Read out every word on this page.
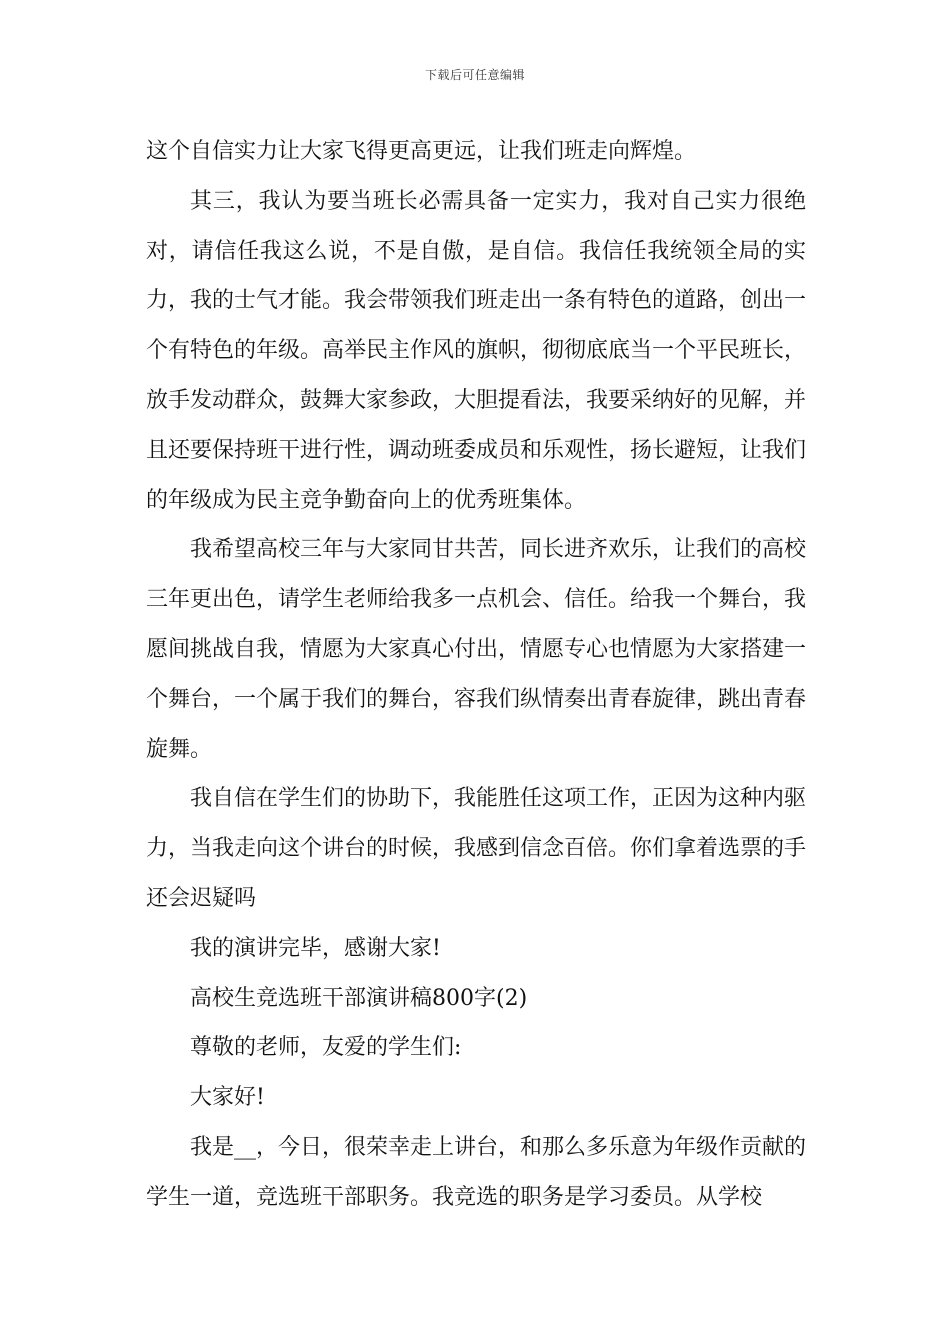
下载后可任意编辑

这个自信实力让大家飞得更高更远，让我们班走向辉煌。

其三，我认为要当班长必需具备一定实力，我对自己实力很绝对，请信任我这么说，不是自傲，是自信。我信任我统领全局的实力，我的士气才能。我会带领我们班走出一条有特色的道路，创出一个有特色的年级。高举民主作风的旗帜，彻彻底底当一个平民班长，放手发动群众，鼓舞大家参政，大胆提看法，我要采纳好的见解，并且还要保持班干进行性，调动班委成员和乐观性，扬长避短，让我们的年级成为民主竞争勤奋向上的优秀班集体。

我希望高校三年与大家同甘共苦，同长进齐欢乐，让我们的高校三年更出色，请学生老师给我多一点机会、信任。给我一个舞台，我愿间挑战自我，情愿为大家真心付出，情愿专心也情愿为大家搭建一个舞台，一个属于我们的舞台，容我们纵情奏出青春旋律，跳出青春旋舞。

我自信在学生们的协助下，我能胜任这项工作，正因为这种内驱力，当我走向这个讲台的时候，我感到信念百倍。你们拿着选票的手还会迟疑吗

我的演讲完毕，感谢大家!

高校生竞选班干部演讲稿800字(2)

尊敬的老师，友爱的学生们:

大家好!

我是__，今日，很荣幸走上讲台，和那么多乐意为年级作贡献的学生一道，竞选班干部职务。我竞选的职务是学习委员。从学校
